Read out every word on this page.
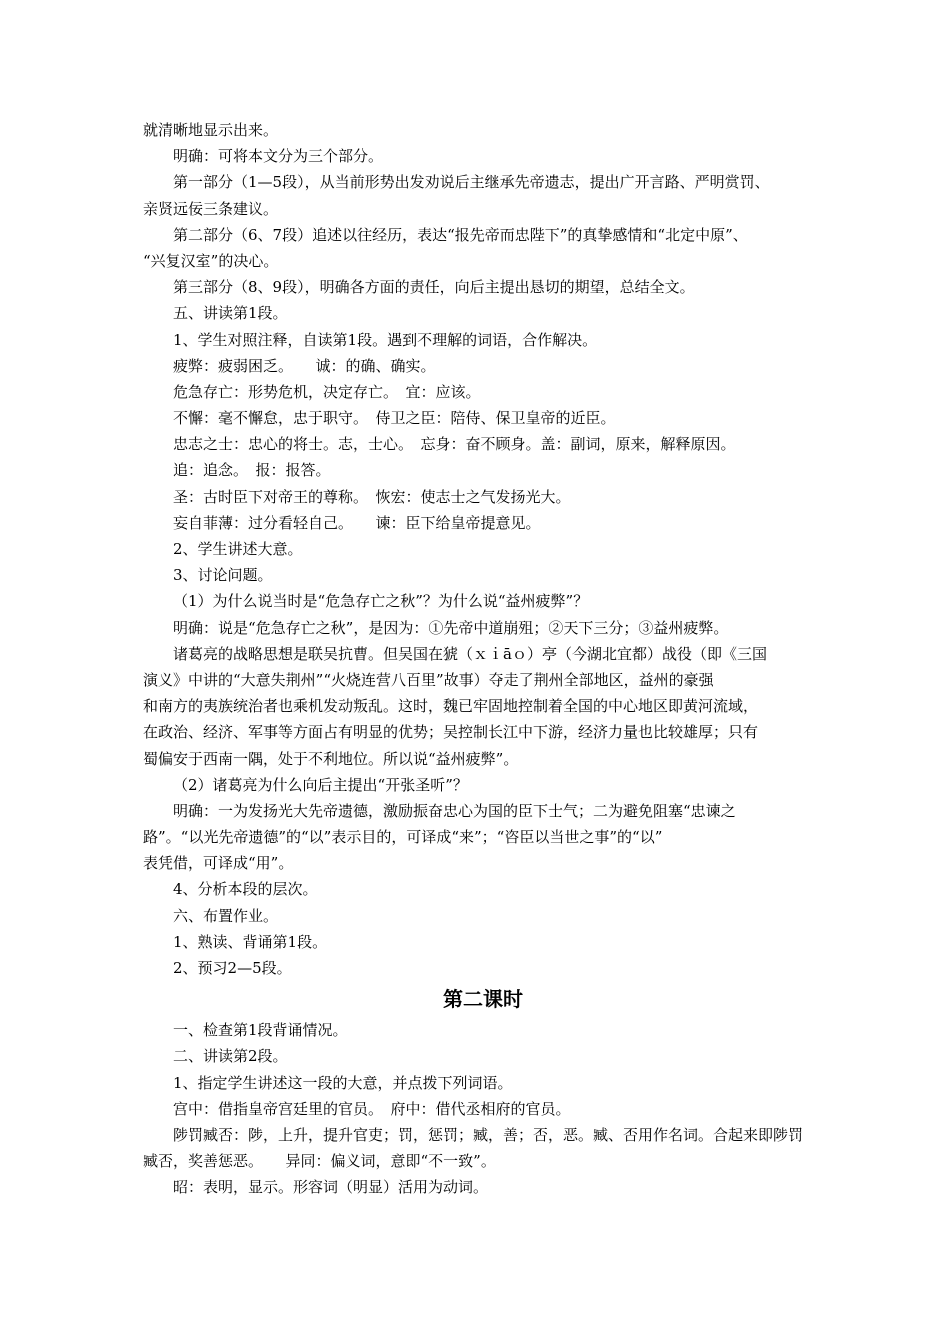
就清晰地显示出来。
明确：可将本文分为三个部分。
第一部分（1—5段），从当前形势出发劝说后主继承先帝遗志，提出广开言路、严明赏罚、
亲贤远佞三条建议。
第二部分（6、7段）追述以往经历，表达“报先帝而忠陛下”的真挚感情和“北定中原”、
“兴复汉室”的决心。
第三部分（8、9段），明确各方面的责任，向后主提出恳切的期望，总结全文。
五、讲读第1段。
1、学生对照注释，自读第1段。遇到不理解的词语，合作解决。
疲弊：疲弱困乏。　　诚：的确、确实。
危急存亡：形势危机，决定存亡。　宜：应该。
不懈：毫不懈怠，忠于职守。　侍卫之臣：陪侍、保卫皇帝的近臣。
忠志之士：忠心的将士。志，士心。　忘身：奋不顾身。盖：副词，原来，解释原因。
追：追念。　报：报答。
圣：古时臣下对帝王的尊称。　恢宏：使志士之气发扬光大。
妄自菲薄：过分看轻自己。　　谏：臣下给皇帝提意见。
2、学生讲述大意。
3、讨论问题。
（1）为什么说当时是“危急存亡之秋”？为什么说“益州疲弊”？
明确：说是“危急存亡之秋”，是因为：①先帝中道崩殂；②天下三分；③益州疲弊。
诸葛亮的战略思想是联吴抗曹。但吴国在猇（ｘｉāｏ）亭（今湖北宜都）战役（即《三国
演义》中讲的“大意失荆州”“火烧连营八百里”故事）夺走了荆州全部地区，益州的豪强
和南方的夷族统治者也乘机发动叛乱。这时，魏已牢固地控制着全国的中心地区即黄河流域，
在政治、经济、军事等方面占有明显的优势；吴控制长江中下游，经济力量也比较雄厚；只有
蜀偏安于西南一隅，处于不利地位。所以说“益州疲弊”。
（2）诸葛亮为什么向后主提出“开张圣听”？
明确：一为发扬光大先帝遗德，激励振奋忠心为国的臣下士气；二为避免阻塞“忠谏之
路”。“以光先帝遗德”的“以”表示目的，可译成“来”；“咨臣以当世之事”的“以”
表凭借，可译成“用”。
4、分析本段的层次。
六、布置作业。
1、熟读、背诵第1段。
2、预习2—5段。
第二课时
一、检查第1段背诵情况。
二、讲读第2段。
1、指定学生讲述这一段的大意，并点拨下列词语。
宫中：借指皇帝宫廷里的官员。　府中：借代丞相府的官员。
陟罚臧否：陟，上升，提升官吏；罚，惩罚；臧，善；否，恶。臧、否用作名词。合起来即陟罚
臧否，奖善惩恶。　　异同：偏义词，意即“不一致”。
昭：表明，显示。形容词（明显）活用为动词。
